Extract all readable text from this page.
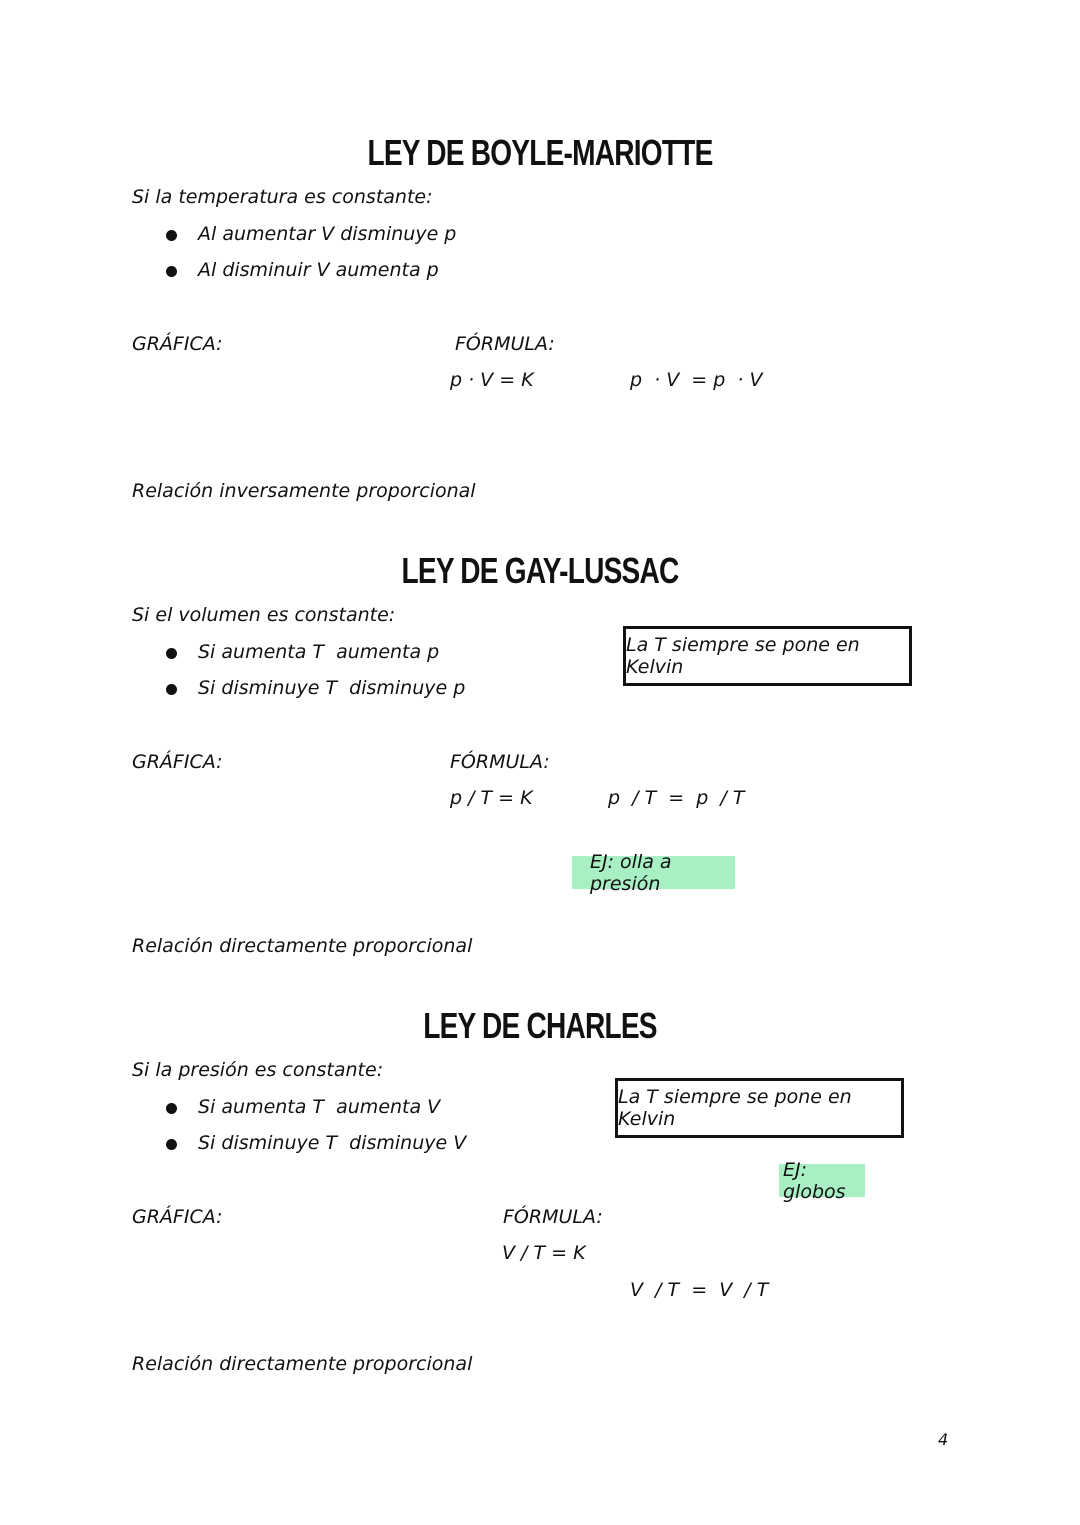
LEY DE BOYLE-MARIOTTE
Si la temperatura es constante:
Al aumentar V disminuye p
Al disminuir V aumenta p
GRÁFICA:	FÓRMULA:
p · V = K	p  · V  = p  · V
Relación inversamente proporcional
LEY DE GAY-LUSSAC
Si el volumen es constante:
Si aumenta T  aumenta p
Si disminuye T  disminuye p
La T siempre se pone en Kelvin
GRÁFICA:	FÓRMULA:
p / T = K	p  / T  =  p  / T
EJ: olla a presión
Relación directamente proporcional
LEY DE CHARLES
Si la presión es constante:
Si aumenta T  aumenta V
Si disminuye T  disminuye V
La T siempre se pone en Kelvin
EJ: globos
GRÁFICA:	FÓRMULA:
V / T = K
V  / T  =  V  / T
Relación directamente proporcional
4
